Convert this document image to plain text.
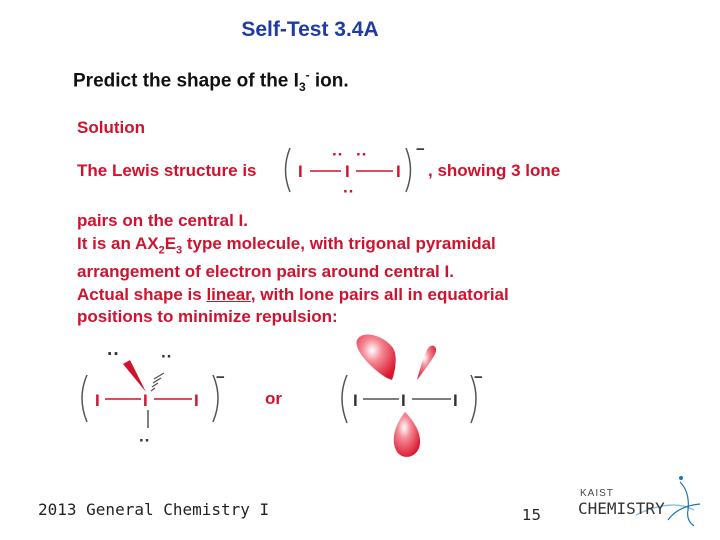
Self-Test 3.4A
Predict the shape of the $I_3^-$ ion.
Solution
The Lewis structure is I I	I
·· ··
··
−
, showing 3 lone
pairs on the central I.
It is an $AX_2E_3$ type molecule, with trigonal pyramidal
arrangement of electron pairs around central I.
Actual shape is linear, with lone pairs all in equatorial
positions to minimize repulsion:
I	I	I
·· ··
··
−
or	I	I	I
−
2013 General Chemistry I	15
KAIST
CHEMISTRY
